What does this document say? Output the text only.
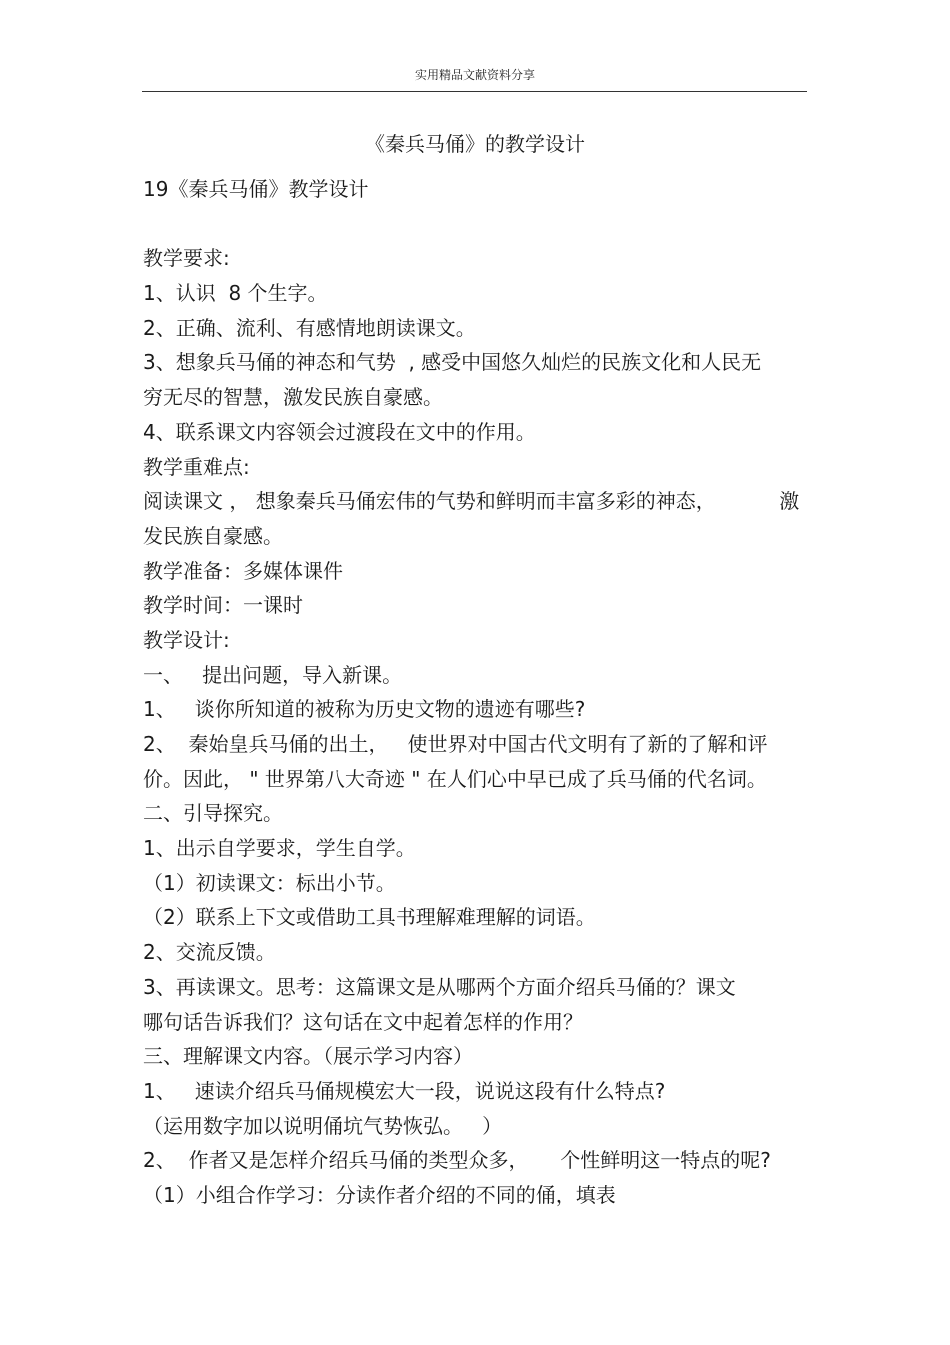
实用精品文献资料分享
《秦兵马俑》的教学设计
19《秦兵马俑》教学设计
教学要求:
1、认识  8 个生字。
2、正确、流利、有感情地朗读课文。
3、想象兵马俑的神态和气势  , 感受中国悠久灿烂的民族文化和人民无
穷无尽的智慧，激发民族自豪感。
4、联系课文内容领会过渡段在文中的作用。
教学重难点:
阅读课文 ， 想象秦兵马俑宏伟的气势和鲜明而丰富多彩的神态，          激
发民族自豪感。
教学准备：多媒体课件
教学时间：一课时
教学设计:
一、   提出问题，导入新课。
1、   谈你所知道的被称为历史文物的遗迹有哪些?
2、  秦始皇兵马俑的出土，   使世界对中国古代文明有了新的了解和评
价。因此， " 世界第八大奇迹 " 在人们心中早已成了兵马俑的代名词。
二、引导探究。
1、出示自学要求，学生自学。
（1）初读课文：标出小节。
（2）联系上下文或借助工具书理解难理解的词语。
2、交流反馈。
3、再读课文。思考：这篇课文是从哪两个方面介绍兵马俑的？课文
哪句话告诉我们？这句话在文中起着怎样的作用？
三、理解课文内容。（展示学习内容）
1、   速读介绍兵马俑规模宏大一段，说说这段有什么特点?
（运用数字加以说明俑坑气势恢弘。   ）
2、  作者又是怎样介绍兵马俑的类型众多，     个性鲜明这一特点的呢?
（1）小组合作学习：分读作者介绍的不同的俑，填表
